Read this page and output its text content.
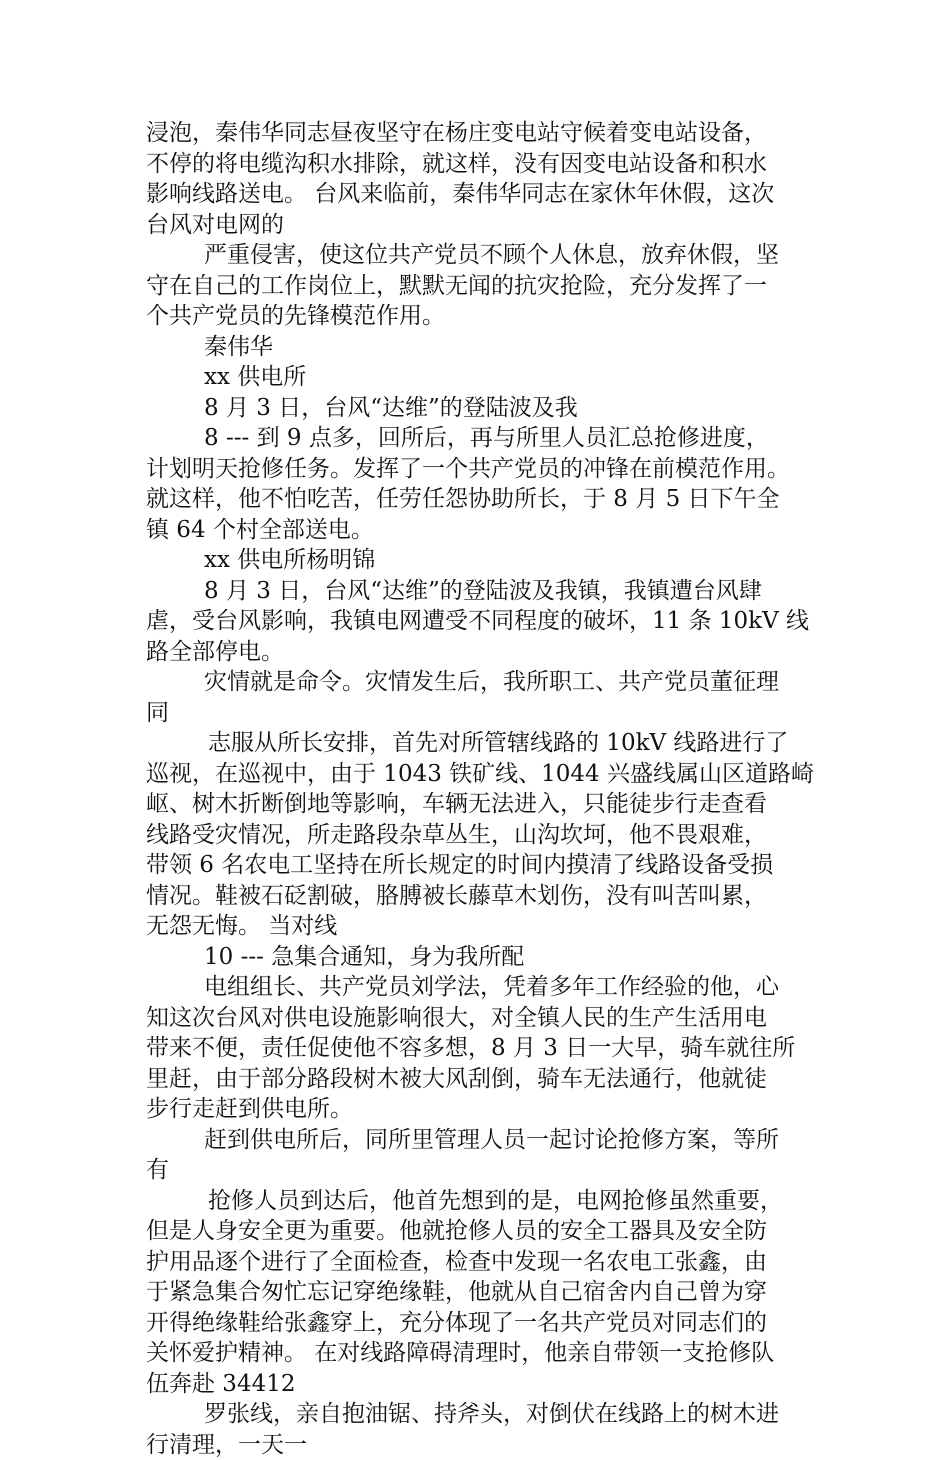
浸泡，秦伟华同志昼夜坚守在杨庄变电站守候着变电站设备，
不停的将电缆沟积水排除，就这样，没有因变电站设备和积水
影响线路送电。 台风来临前，秦伟华同志在家休年休假，这次
台风对电网的
严重侵害，使这位共产党员不顾个人休息，放弃休假，坚
守在自己的工作岗位上，默默无闻的抗灾抢险，充分发挥了一
个共产党员的先锋模范作用。
秦伟华
xx 供电所
8 月 3 日，台风“达维”的登陆波及我
8 --- 到 9 点多，回所后，再与所里人员汇总抢修进度，
计划明天抢修任务。发挥了一个共产党员的冲锋在前模范作用。
就这样，他不怕吃苦，任劳任怨协助所长，于 8 月 5 日下午全
镇 64 个村全部送电。
xx 供电所杨明锦
8 月 3 日，台风“达维”的登陆波及我镇，我镇遭台风肆
虐，受台风影响，我镇电网遭受不同程度的破坏，11 条 10kV 线
路全部停电。
灾情就是命令。灾情发生后，我所职工、共产党员董征理
同
志服从所长安排，首先对所管辖线路的 10kV 线路进行了
巡视，在巡视中，由于 1043 铁矿线、1044 兴盛线属山区道路崎
岖、树木折断倒地等影响，车辆无法进入，只能徒步行走查看
线路受灾情况，所走路段杂草丛生，山沟坎坷，他不畏艰难，
带领 6 名农电工坚持在所长规定的时间内摸清了线路设备受损
情况。鞋被石砭割破，胳膊被长藤草木划伤，没有叫苦叫累，
无怨无悔。 当对线
10 --- 急集合通知，身为我所配
电组组长、共产党员刘学法，凭着多年工作经验的他，心
知这次台风对供电设施影响很大，对全镇人民的生产生活用电
带来不便，责任促使他不容多想，8 月 3 日一大早，骑车就往所
里赶，由于部分路段树木被大风刮倒，骑车无法通行，他就徒
步行走赶到供电所。
赶到供电所后，同所里管理人员一起讨论抢修方案，等所
有
抢修人员到达后，他首先想到的是，电网抢修虽然重要，
但是人身安全更为重要。他就抢修人员的安全工器具及安全防
护用品逐个进行了全面检查，检查中发现一名农电工张鑫，由
于紧急集合匆忙忘记穿绝缘鞋，他就从自己宿舍内自己曾为穿
开得绝缘鞋给张鑫穿上，充分体现了一名共产党员对同志们的
关怀爱护精神。 在对线路障碍清理时，他亲自带领一支抢修队
伍奔赴 34412
罗张线，亲自抱油锯、持斧头，对倒伏在线路上的树木进
行清理，一天一
